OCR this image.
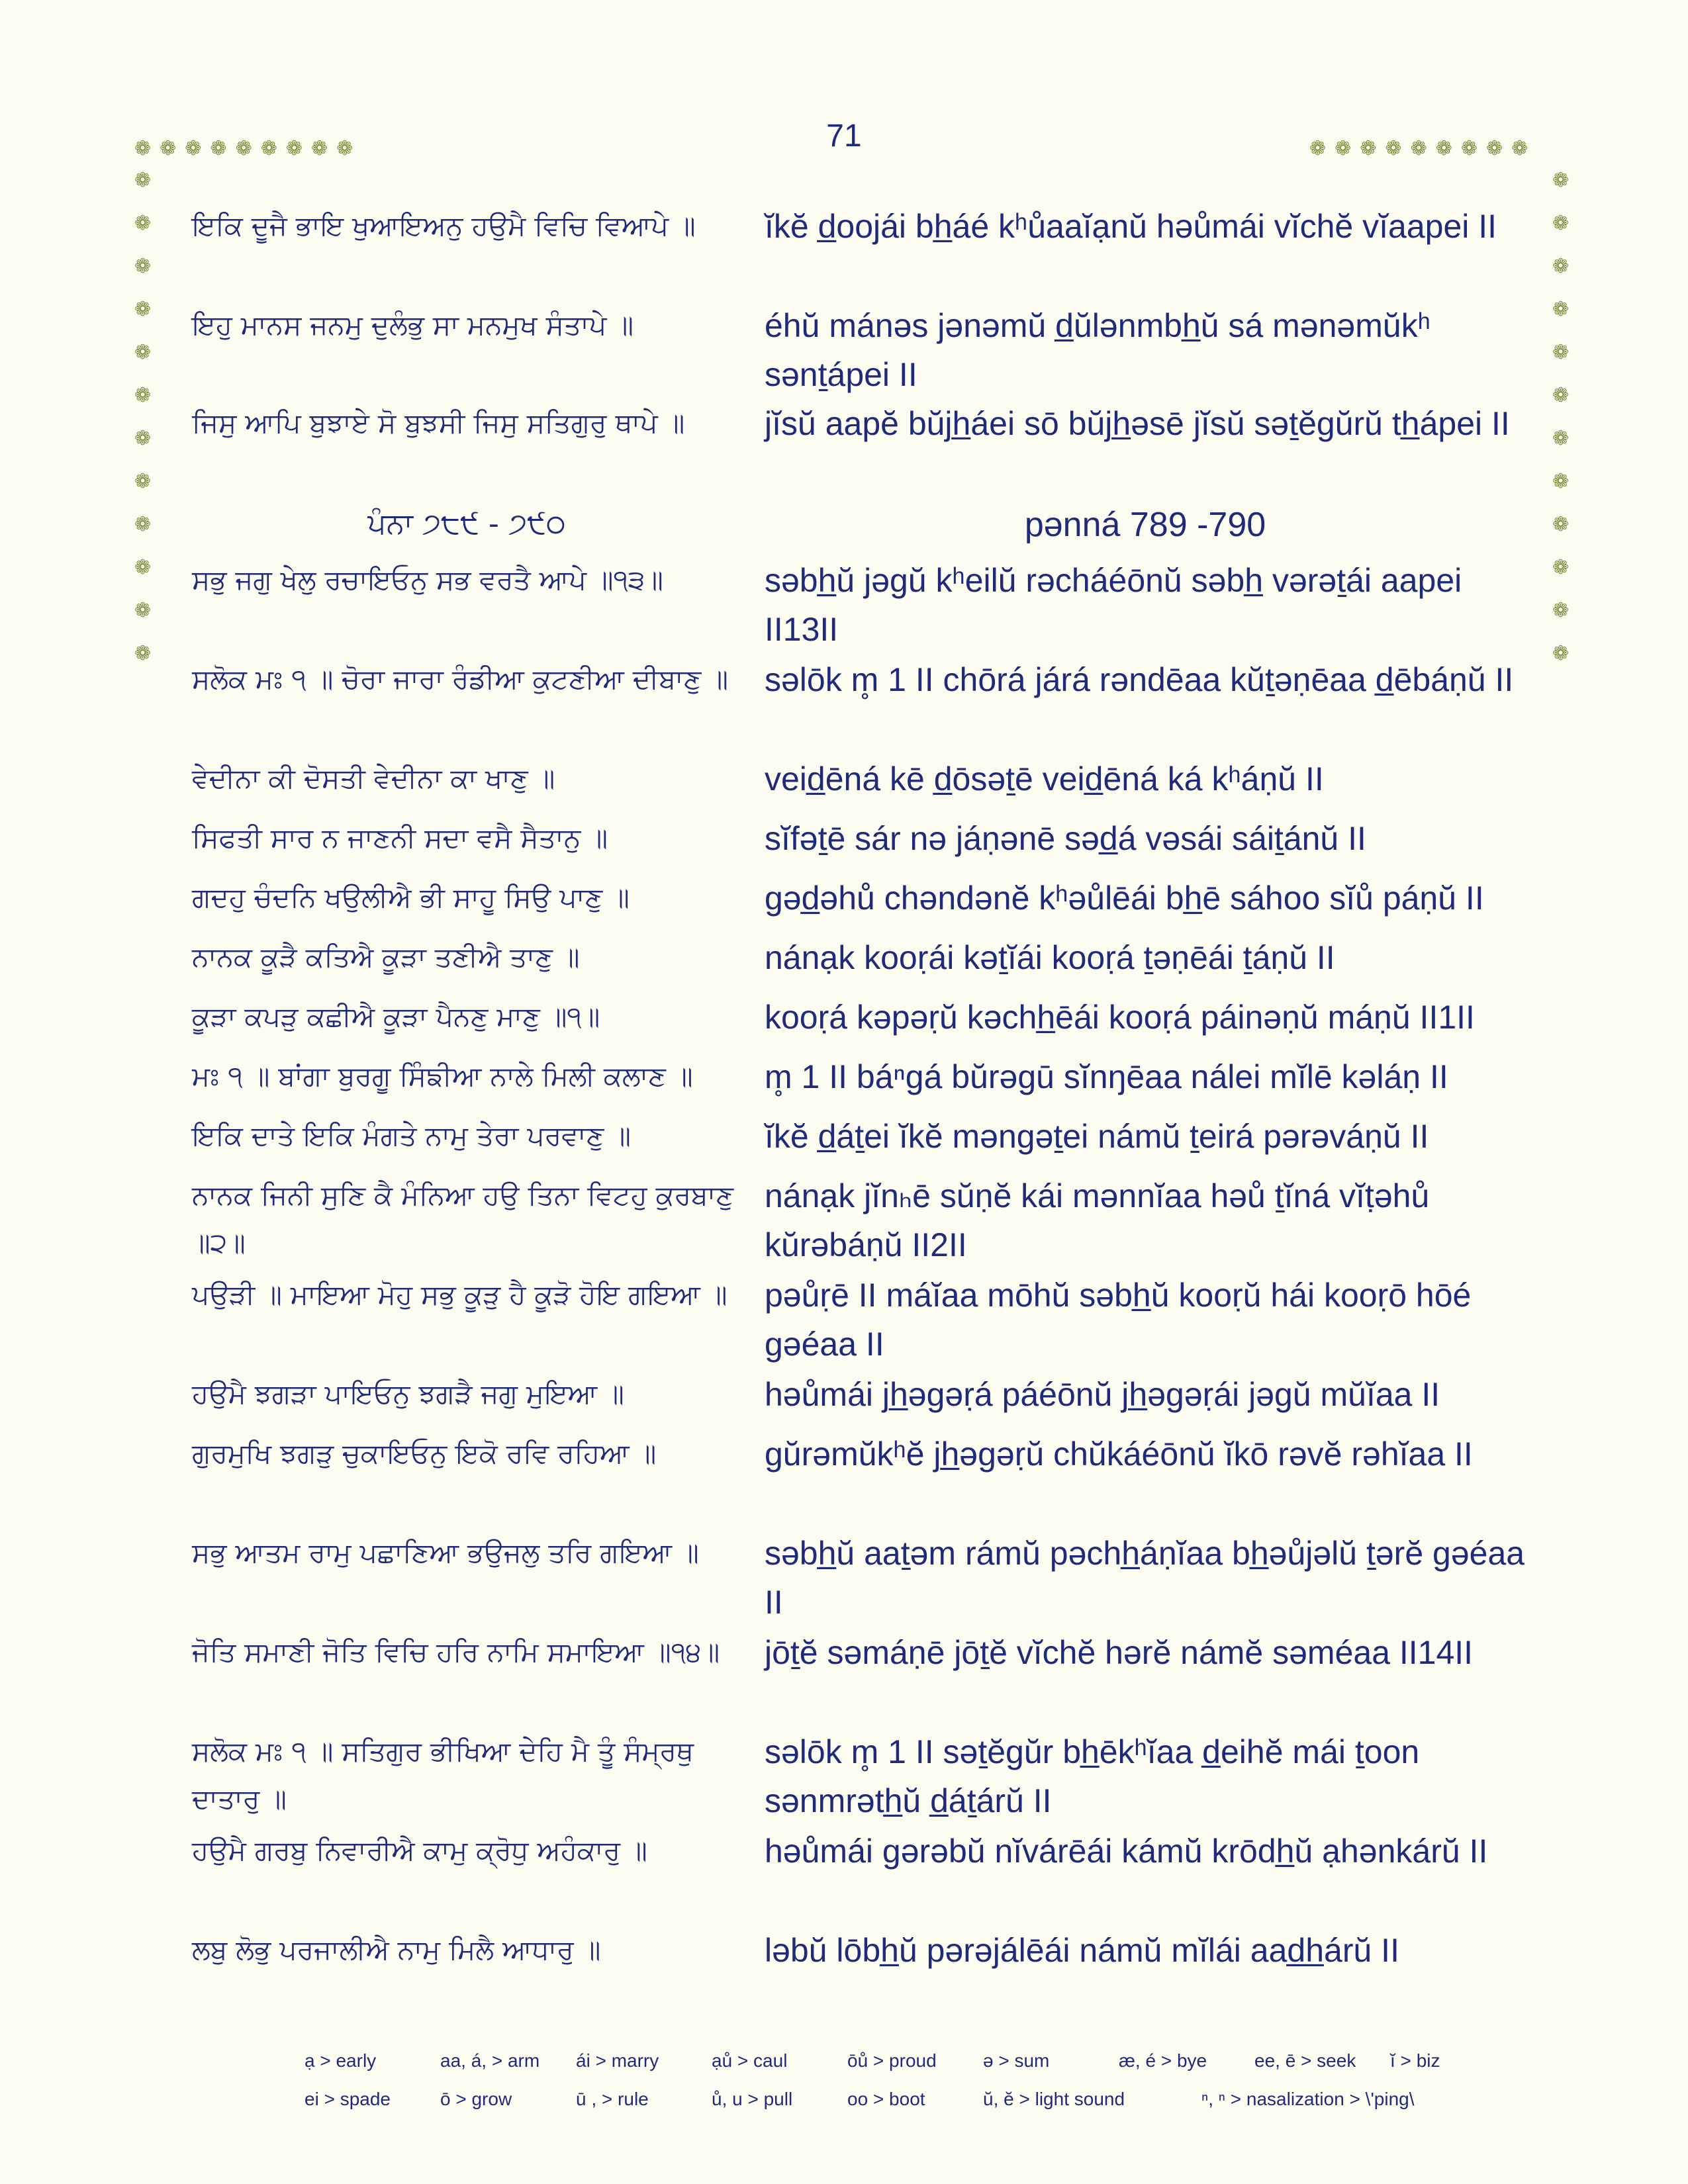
71
❁ ❁ ❁ ❁ ❁ ❁ ❁ ❁ ❁	❁ ❁ ❁ ❁ ❁ ❁ ❁ ❁ ❁
❁
❁
❁
❁
❁
❁
❁
❁
❁
❁
❁
❁
❁
❁
❁
❁
❁
❁
❁
❁
❁
❁
❁
❁
ਇਕਿ ਦੂਜੈ ਭਾਇ ਖੁਆਇਅਨੁ ਹਉਮੈ ਵਿਚਿ ਵਿਆਪੇ ॥	ĭkĕ d̲oojái bh̲áé kʰůaaĭạnŭ həůmái vĭchĕ vĭaapei II
ਇਹੁ ਮਾਨਸ ਜਨਮੁ ਦੁਲੰਭੁ ਸਾ ਮਨਮੁਖ ਸੰਤਾਪੇ ॥	éhŭ mánəs jənəmŭ d̲ŭlənmbh̲ŭ sá mənəmŭkʰ sənṯápei II
ਜਿਸੁ ਆਪਿ ਬੁਝਾਏ ਸੋ ਬੁਝਸੀ ਜਿਸੁ ਸਤਿਗੁਰੁ ਥਾਪੇ ॥	jĭsŭ aapĕ bŭjh̲áei sō bŭjh̲əsē jĭsŭ səṯĕgŭrŭ th̲ápei II
ਪੰਨਾ ੭੮੯ - ੭੯੦	pənná 789 -790
ਸਭੁ ਜਗੁ ਖੇਲੁ ਰਚਾਇਓਨੁ ਸਭ ਵਰਤੈ ਆਪੇ ॥੧੩॥	səbh̲ŭ jəgŭ kʰeilŭ rəcháéōnŭ səbh̲ vərəṯái aapei II13II
ਸਲੋਕ ਮਃ ੧ ॥ ਚੋਰਾ ਜਾਰਾ ਰੰਡੀਆ ਕੁਟਣੀਆ ਦੀਬਾਣੁ ॥	səlōk m̥ 1 II chōrá járá rəndēaa kŭṯəṇēaa d̲ēbáṇŭ II
ਵੇਦੀਨਾ ਕੀ ਦੋਸਤੀ ਵੇਦੀਨਾ ਕਾ ਖਾਣੁ ॥	veid̲ēná kē d̲ōsəṯē veid̲ēná ká kʰáṇŭ II
ਸਿਫਤੀ ਸਾਰ ਨ ਜਾਣਨੀ ਸਦਾ ਵਸੈ ਸੈਤਾਨੁ ॥	sĭfəṯē sár nə jáṇənē səd̲á vəsái sáiṯánŭ II
ਗਦਹੁ ਚੰਦਨਿ ਖਉਲੀਐ ਭੀ ਸਾਹੂ ਸਿਉ ਪਾਣੁ ॥	gəd̲əhů chəndənĕ kʰəůlēái bh̲ē sáhoo sĭů páṇŭ II
ਨਾਨਕ ਕੂੜੈ ਕਤਿਐ ਕੂੜਾ ਤਣੀਐ ਤਾਣੁ ॥	nánạk kooṛái kəṯĭái kooṛá ṯəṇēái ṯáṇŭ II
ਕੂੜਾ ਕਪੜੁ ਕਛੀਐ ਕੂੜਾ ਪੈਨਣੁ ਮਾਣੁ ॥੧॥	kooṛá kəpəṛŭ kəchh̲ēái kooṛá páinəṇŭ máṇŭ II1II
ਮਃ ੧ ॥ ਬਾਂਗਾ ਬੁਰਗੂ ਸਿੰਙੀਆ ਨਾਲੇ ਮਿਲੀ ਕਲਾਣ ॥	m̥ 1 II báⁿgá bŭrəgū sĭnŋēaa nálei mĭlē kəláṇ II
ਇਕਿ ਦਾਤੇ ਇਕਿ ਮੰਗਤੇ ਨਾਮੁ ਤੇਰਾ ਪਰਵਾਣੁ ॥	ĭkĕ d̲áṯei ĭkĕ məngəṯei námŭ ṯeirá pərəváṇŭ II
ਨਾਨਕ ਜਿਨੀ ਸੁਣਿ ਕੈ ਮੰਨਿਆ ਹਉ ਤਿਨਾ ਵਿਟਹੁ ਕੁਰਬਾਣੁ ॥੨॥
nánạk jĭnₕē sŭṇĕ kái mənnĭaa həů ṯĭná vĭṭəhů kŭrəbáṇŭ II2II
ਪਉੜੀ ॥ ਮਾਇਆ ਮੋਹੁ ਸਭੁ ਕੂੜੁ ਹੈ ਕੂੜੋ ਹੋਇ ਗਇਆ ॥	pəůṛē II máĭaa mōhŭ səbh̲ŭ kooṛŭ hái kooṛō hōé gəéaa II
ਹਉਮੈ ਝਗੜਾ ਪਾਇਓਨੁ ਝਗੜੈ ਜਗੁ ਮੁਇਆ ॥	həůmái jh̲əgəṛá páéōnŭ jh̲əgəṛái jəgŭ mŭĭaa II
ਗੁਰਮੁਖਿ ਝਗੜੁ ਚੁਕਾਇਓਨੁ ਇਕੋ ਰਵਿ ਰਹਿਆ ॥	gŭrəmŭkʰĕ jh̲əgəṛŭ chŭkáéōnŭ ĭkō rəvĕ rəhĭaa II
ਸਭੁ ਆਤਮ ਰਾਮੁ ਪਛਾਣਿਆ ਭਉਜਲੁ ਤਰਿ ਗਇਆ ॥	səbh̲ŭ aaṯəm rámŭ pəchh̲áṇĭaa bh̲əůjəlŭ ṯərĕ gəéaa II
ਜੋਤਿ ਸਮਾਣੀ ਜੋਤਿ ਵਿਚਿ ਹਰਿ ਨਾਮਿ ਸਮਾਇਆ ॥੧੪॥	jōṯĕ səmáṇē jōṯĕ vĭchĕ hərĕ námĕ səméaa II14II
ਸਲੋਕ ਮਃ ੧ ॥ ਸਤਿਗੁਰ ਭੀਖਿਆ ਦੇਹਿ ਮੈ ਤੂੰ ਸੰਮ੍ਰਥੁ ਦਾਤਾਰੁ ॥
səlōk m̥ 1 II səṯĕgŭr bh̲ēkʰĭaa d̲eihĕ mái ṯoon sənmrəth̲ŭ d̲áṯárŭ II
ਹਉਮੈ ਗਰਬੁ ਨਿਵਾਰੀਐ ਕਾਮੁ ਕ੍ਰੋਧੁ ਅਹੰਕਾਰੁ ॥	həůmái gərəbŭ nĭvárēái kámŭ krōdh̲ŭ ạhənkárŭ II
ਲਬੁ ਲੋਭੁ ਪਰਜਾਲੀਐ ਨਾਮੁ ਮਿਲੈ ਆਧਾਰੁ ॥	ləbŭ lōbh̲ŭ pərəjálēái námŭ mĭlái aad̲h̲árŭ II
ạ > early	aa, á, > arm	ái > marry	ạů > caul	ōů > proud	ə > sum	æ, é > bye	ee, ē > seek	ĭ > biz
ei > spade	ō > grow	ū , > rule	ů, u > pull	oo > boot	ŭ, ĕ > light sound	ⁿ, ⁿ > nasalization > \'ping\
